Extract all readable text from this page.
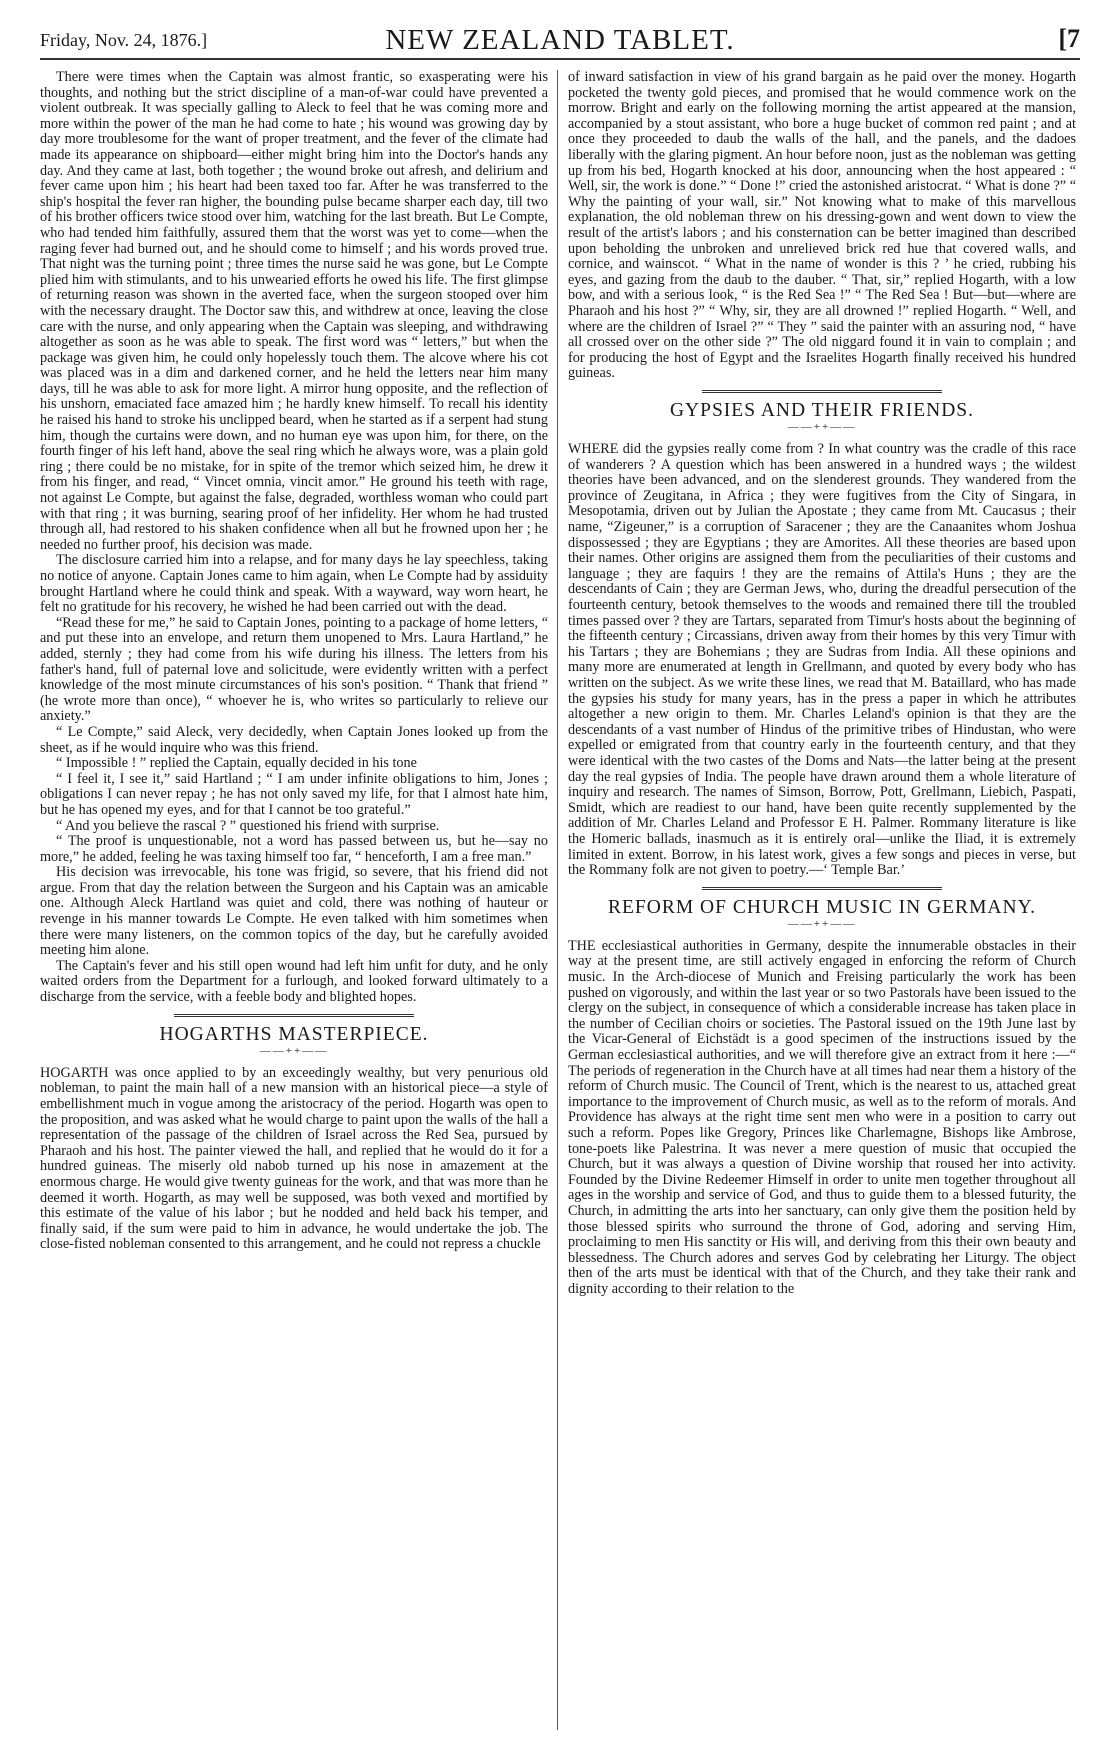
Friday, Nov. 24, 1876.]	NEW ZEALAND TABLET.	[7

There were times when the Captain was almost frantic, so exasperating were his thoughts, and nothing but the strict discipline of a man-of-war could have prevented a violent outbreak. It was specially galling to Aleck to feel that he was coming more and more within the power of the man he had come to hate ; his wound was growing day by day more troublesome for the want of proper treatment, and the fever of the climate had made its appearance on shipboard—either might bring him into the Doctor's hands any day. And they came at last, both together ; the wound broke out afresh, and delirium and fever came upon him ; his heart had been taxed too far. After he was transferred to the ship's hospital the fever ran higher, the bounding pulse became sharper each day, till two of his brother officers twice stood over him, watching for the last breath. But Le Compte, who had tended him faithfully, assured them that the worst was yet to come—when the raging fever had burned out, and he should come to himself ; and his words proved true. That night was the turning point ; three times the nurse said he was gone, but Le Compte plied him with stimulants, and to his unwearied efforts he owed his life. The first glimpse of returning reason was shown in the averted face, when the surgeon stooped over him with the necessary draught. The Doctor saw this, and withdrew at once, leaving the close care with the nurse, and only appearing when the Captain was sleeping, and withdrawing altogether as soon as he was able to speak. The first word was “ letters,” but when the package was given him, he could only hopelessly touch them. The alcove where his cot was placed was in a dim and darkened corner, and he held the letters near him many days, till he was able to ask for more light. A mirror hung opposite, and the reflection of his unshorn, emaciated face amazed him ; he hardly knew himself. To recall his identity he raised his hand to stroke his unclipped beard, when he started as if a serpent had stung him, though the curtains were down, and no human eye was upon him, for there, on the fourth finger of his left hand, above the seal ring which he always wore, was a plain gold ring ; there could be no mistake, for in spite of the tremor which seized him, he drew it from his finger, and read, “ Vincet omnia, vincit amor.” He ground his teeth with rage, not against Le Compte, but against the false, degraded, worthless woman who could part with that ring ; it was burning, searing proof of her infidelity. Her whom he had trusted through all, had restored to his shaken confidence when all but he frowned upon her ; he needed no further proof, his decision was made.

The disclosure carried him into a relapse, and for many days he lay speechless, taking no notice of anyone. Captain Jones came to him again, when Le Compte had by assiduity brought Hartland where he could think and speak. With a wayward, way worn heart, he felt no gratitude for his recovery, he wished he had been carried out with the dead.

“Read these for me,” he said to Captain Jones, pointing to a package of home letters, “ and put these into an envelope, and return them unopened to Mrs. Laura Hartland,” he added, sternly ; they had come from his wife during his illness. The letters from his father's hand, full of paternal love and solicitude, were evidently written with a perfect knowledge of the most minute circumstances of his son's position. “ Thank that friend ” (he wrote more than once), “ whoever he is, who writes so particularly to relieve our anxiety.”

“ Le Compte,” said Aleck, very decidedly, when Captain Jones looked up from the sheet, as if he would inquire who was this friend.

“ Impossible ! ” replied the Captain, equally decided in his tone

“ I feel it, I see it,” said Hartland ; “ I am under infinite obligations to him, Jones ; obligations I can never repay ; he has not only saved my life, for that I almost hate him, but he has opened my eyes, and for that I cannot be too grateful.”

“ And you believe the rascal ? ” questioned his friend with surprise.

“ The proof is unquestionable, not a word has passed between us, but he—say no more,” he added, feeling he was taxing himself too far, “ henceforth, I am a free man.”

His decision was irrevocable, his tone was frigid, so severe, that his friend did not argue. From that day the relation between the Surgeon and his Captain was an amicable one. Although Aleck Hartland was quiet and cold, there was nothing of hauteur or revenge in his manner towards Le Compte. He even talked with him sometimes when there were many listeners, on the common topics of the day, but he carefully avoided meeting him alone.

The Captain's fever and his still open wound had left him unfit for duty, and he only waited orders from the Department for a furlough, and looked forward ultimately to a discharge from the service, with a feeble body and blighted hopes.

HOGARTHS MASTERPIECE.
——++——

HOGARTH was once applied to by an exceedingly wealthy, but very penurious old nobleman, to paint the main hall of a new mansion with an historical piece—a style of embellishment much in vogue among the aristocracy of the period. Hogarth was open to the proposition, and was asked what he would charge to paint upon the walls of the hall a representation of the passage of the children of Israel across the Red Sea, pursued by Pharaoh and his host. The painter viewed the hall, and replied that he would do it for a hundred guineas. The miserly old nabob turned up his nose in amazement at the enormous charge. He would give twenty guineas for the work, and that was more than he deemed it worth. Hogarth, as may well be supposed, was both vexed and mortified by this estimate of the value of his labor ; but he nodded and held back his temper, and finally said, if the sum were paid to him in advance, he would undertake the job. The close-fisted nobleman consented to this arrangement, and he could not repress a chuckle

of inward satisfaction in view of his grand bargain as he paid over the money. Hogarth pocketed the twenty gold pieces, and promised that he would commence work on the morrow. Bright and early on the following morning the artist appeared at the mansion, accompanied by a stout assistant, who bore a huge bucket of common red paint ; and at once they proceeded to daub the walls of the hall, and the panels, and the dadoes liberally with the glaring pigment. An hour before noon, just as the nobleman was getting up from his bed, Hogarth knocked at his door, announcing when the host appeared : “ Well, sir, the work is done.” “ Done !” cried the astonished aristocrat. “ What is done ?” “ Why the painting of your wall, sir.” Not knowing what to make of this marvellous explanation, the old nobleman threw on his dressing-gown and went down to view the result of the artist's labors ; and his consternation can be better imagined than described upon beholding the unbroken and unrelieved brick red hue that covered walls, and cornice, and wainscot. “ What in the name of wonder is this ? ’ he cried, rubbing his eyes, and gazing from the daub to the dauber. “ That, sir,” replied Hogarth, with a low bow, and with a serious look, “ is the Red Sea !” “ The Red Sea ! But—but—where are Pharaoh and his host ?” “ Why, sir, they are all drowned !” replied Hogarth. “ Well, and where are the children of Israel ?” “ They ” said the painter with an assuring nod, “ have all crossed over on the other side ?” The old niggard found it in vain to complain ; and for producing the host of Egypt and the Israelites Hogarth finally received his hundred guineas.

GYPSIES AND THEIR FRIENDS.
——++——

WHERE did the gypsies really come from ? In what country was the cradle of this race of wanderers ? A question which has been answered in a hundred ways ; the wildest theories have been advanced, and on the slenderest grounds. They wandered from the province of Zeugitana, in Africa ; they were fugitives from the City of Singara, in Mesopotamia, driven out by Julian the Apostate ; they came from Mt. Caucasus ; their name, “Zigeuner,” is a corruption of Saracener ; they are the Canaanites whom Joshua dispossessed ; they are Egyptians ; they are Amorites. All these theories are based upon their names. Other origins are assigned them from the peculiarities of their customs and language ; they are faquirs ! they are the remains of Attila's Huns ; they are the descendants of Cain ; they are German Jews, who, during the dreadful persecution of the fourteenth century, betook themselves to the woods and remained there till the troubled times passed over ? they are Tartars, separated from Timur's hosts about the beginning of the fifteenth century ; Circassians, driven away from their homes by this very Timur with his Tartars ; they are Bohemians ; they are Sudras from India. All these opinions and many more are enumerated at length in Grellmann, and quoted by every body who has written on the subject. As we write these lines, we read that M. Bataillard, who has made the gypsies his study for many years, has in the press a paper in which he attributes altogether a new origin to them. Mr. Charles Leland's opinion is that they are the descendants of a vast number of Hindus of the primitive tribes of Hindustan, who were expelled or emigrated from that country early in the fourteenth century, and that they were identical with the two castes of the Doms and Nats—the latter being at the present day the real gypsies of India. The people have drawn around them a whole literature of inquiry and research. The names of Simson, Borrow, Pott, Grellmann, Liebich, Paspati, Smidt, which are readiest to our hand, have been quite recently supplemented by the addition of Mr. Charles Leland and Professor E H. Palmer. Rommany literature is like the Homeric ballads, inasmuch as it is entirely oral—unlike the Iliad, it is extremely limited in extent. Borrow, in his latest work, gives a few songs and pieces in verse, but the Rommany folk are not given to poetry.—‘ Temple Bar.’

REFORM OF CHURCH MUSIC IN GERMANY.
——++——

THE ecclesiastical authorities in Germany, despite the innumerable obstacles in their way at the present time, are still actively engaged in enforcing the reform of Church music. In the Arch-diocese of Munich and Freising particularly the work has been pushed on vigorously, and within the last year or so two Pastorals have been issued to the clergy on the subject, in consequence of which a considerable increase has taken place in the number of Cecilian choirs or societies. The Pastoral issued on the 19th June last by the Vicar-General of Eichstädt is a good specimen of the instructions issued by the German ecclesiastical authorities, and we will therefore give an extract from it here :—“ The periods of regeneration in the Church have at all times had near them a history of the reform of Church music. The Council of Trent, which is the nearest to us, attached great importance to the improvement of Church music, as well as to the reform of morals. And Providence has always at the right time sent men who were in a position to carry out such a reform. Popes like Gregory, Princes like Charlemagne, Bishops like Ambrose, tone-poets like Palestrina. It was never a mere question of music that occupied the Church, but it was always a question of Divine worship that roused her into activity. Founded by the Divine Redeemer Himself in order to unite men together throughout all ages in the worship and service of God, and thus to guide them to a blessed futurity, the Church, in admitting the arts into her sanctuary, can only give them the position held by those blessed spirits who surround the throne of God, adoring and serving Him, proclaiming to men His sanctity or His will, and deriving from this their own beauty and blessedness. The Church adores and serves God by celebrating her Liturgy. The object then of the arts must be identical with that of the Church, and they take their rank and dignity according to their relation to the
